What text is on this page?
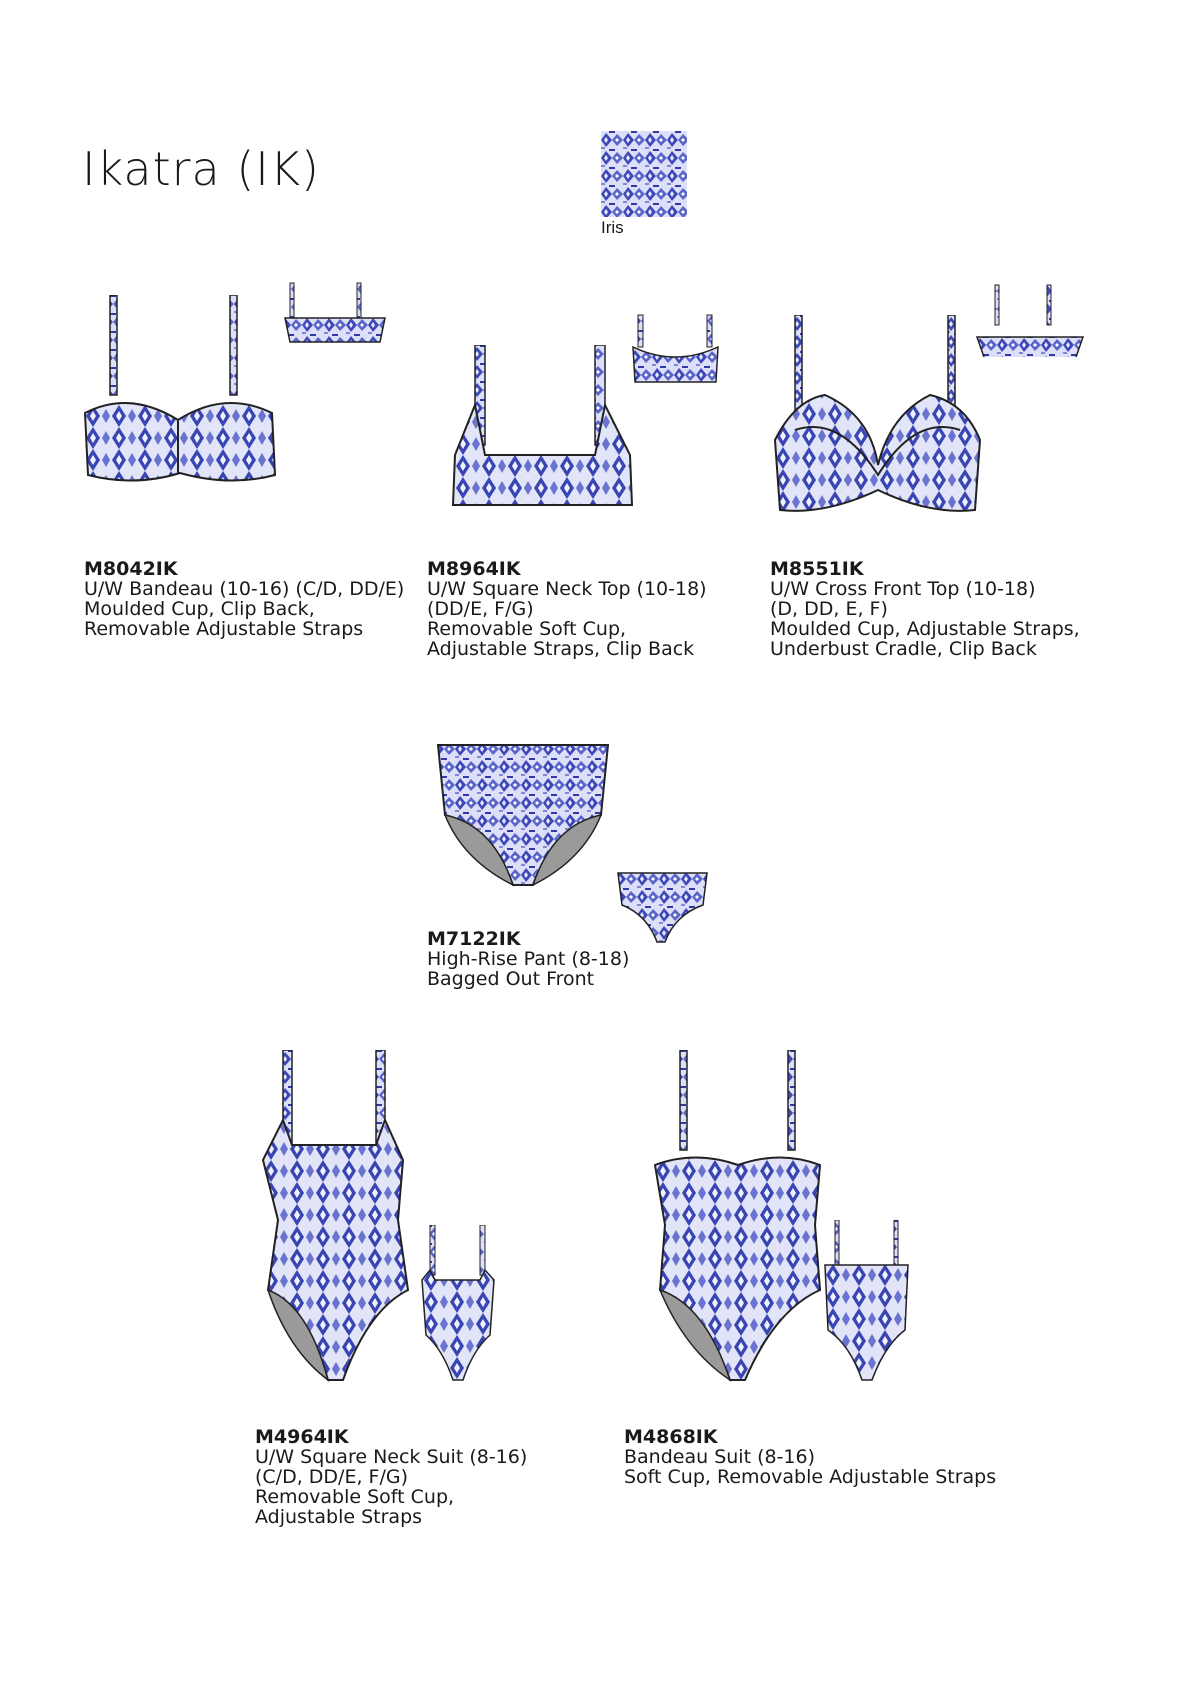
Ikatra (IK)
Iris
M8042IK
U/W Bandeau (10-16) (C/D, DD/E)
Moulded Cup, Clip Back,
Removable Adjustable Straps
M8964IK
U/W Square Neck Top (10-18)
(DD/E, F/G)
Removable Soft Cup,
Adjustable Straps, Clip Back
M8551IK
U/W Cross Front Top (10-18)
(D, DD, E, F)
Moulded Cup, Adjustable Straps,
Underbust Cradle, Clip Back
M7122IK
High-Rise Pant (8-18)
Bagged Out Front
M4964IK
U/W Square Neck Suit (8-16)
(C/D, DD/E, F/G)
Removable Soft Cup,
Adjustable Straps
M4868IK
Bandeau Suit (8-16)
Soft Cup, Removable Adjustable Straps
